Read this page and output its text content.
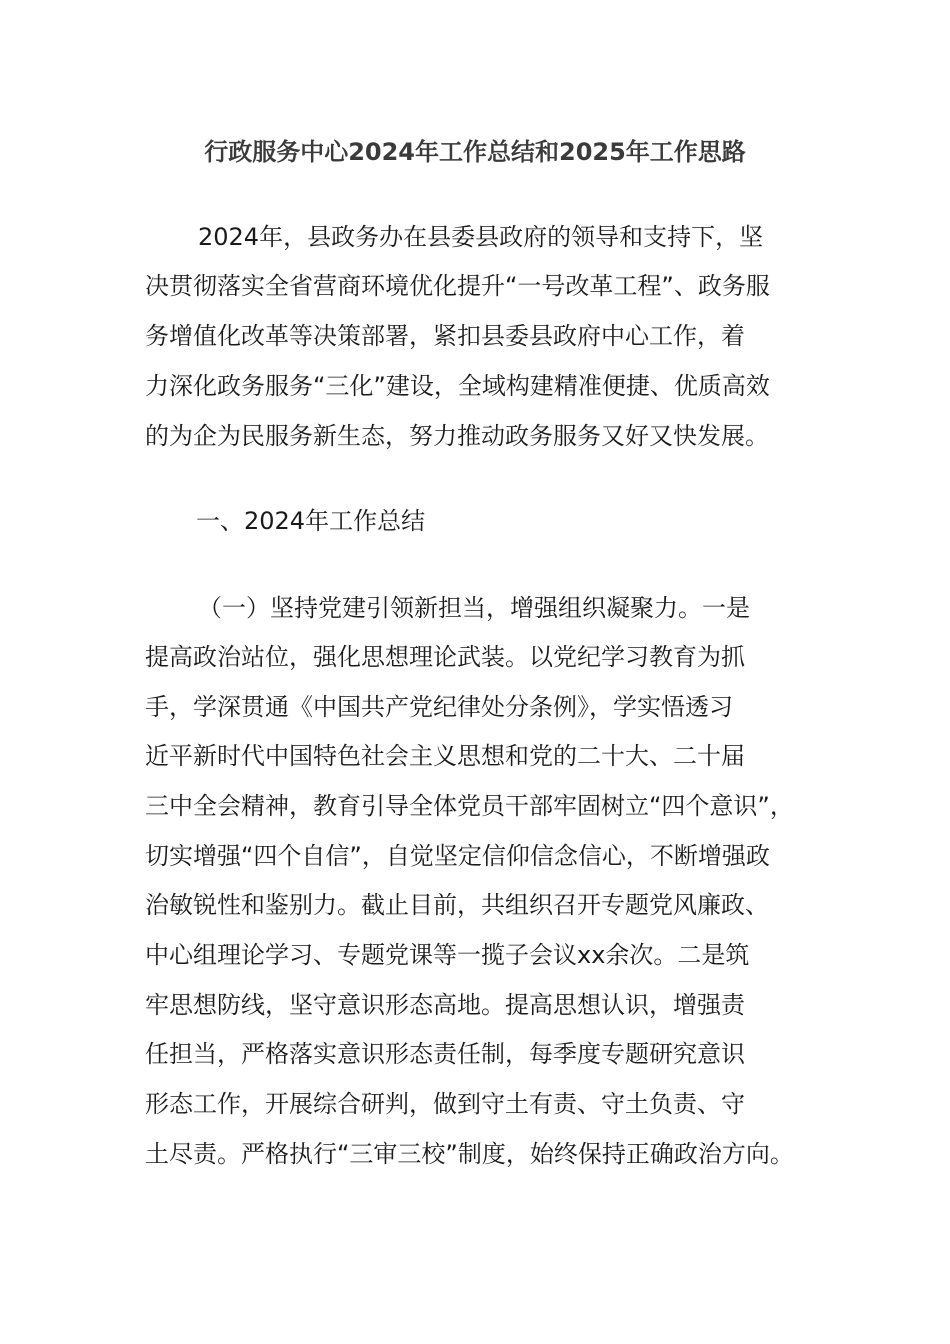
行政服务中心2024年工作总结和2025年工作思路
2024年，县政务办在县委县政府的领导和支持下，坚
决贯彻落实全省营商环境优化提升“一号改革工程”、政务服
务增值化改革等决策部署，紧扣县委县政府中心工作，着
力深化政务服务“三化”建设，全域构建精准便捷、优质高效
的为企为民服务新生态，努力推动政务服务又好又快发展。
一、2024年工作总结
（一）坚持党建引领新担当，增强组织凝聚力。一是
提高政治站位，强化思想理论武装。以党纪学习教育为抓
手，学深贯通《中国共产党纪律处分条例》，学实悟透习
近平新时代中国特色社会主义思想和党的二十大、二十届
三中全会精神，教育引导全体党员干部牢固树立“四个意识”，
切实增强“四个自信”，自觉坚定信仰信念信心，不断增强政
治敏锐性和鉴别力。截止目前，共组织召开专题党风廉政、
中心组理论学习、专题党课等一揽子会议xx余次。二是筑
牢思想防线，坚守意识形态高地。提高思想认识，增强责
任担当，严格落实意识形态责任制，每季度专题研究意识
形态工作，开展综合研判，做到守土有责、守土负责、守
土尽责。严格执行“三审三校”制度，始终保持正确政治方向。
